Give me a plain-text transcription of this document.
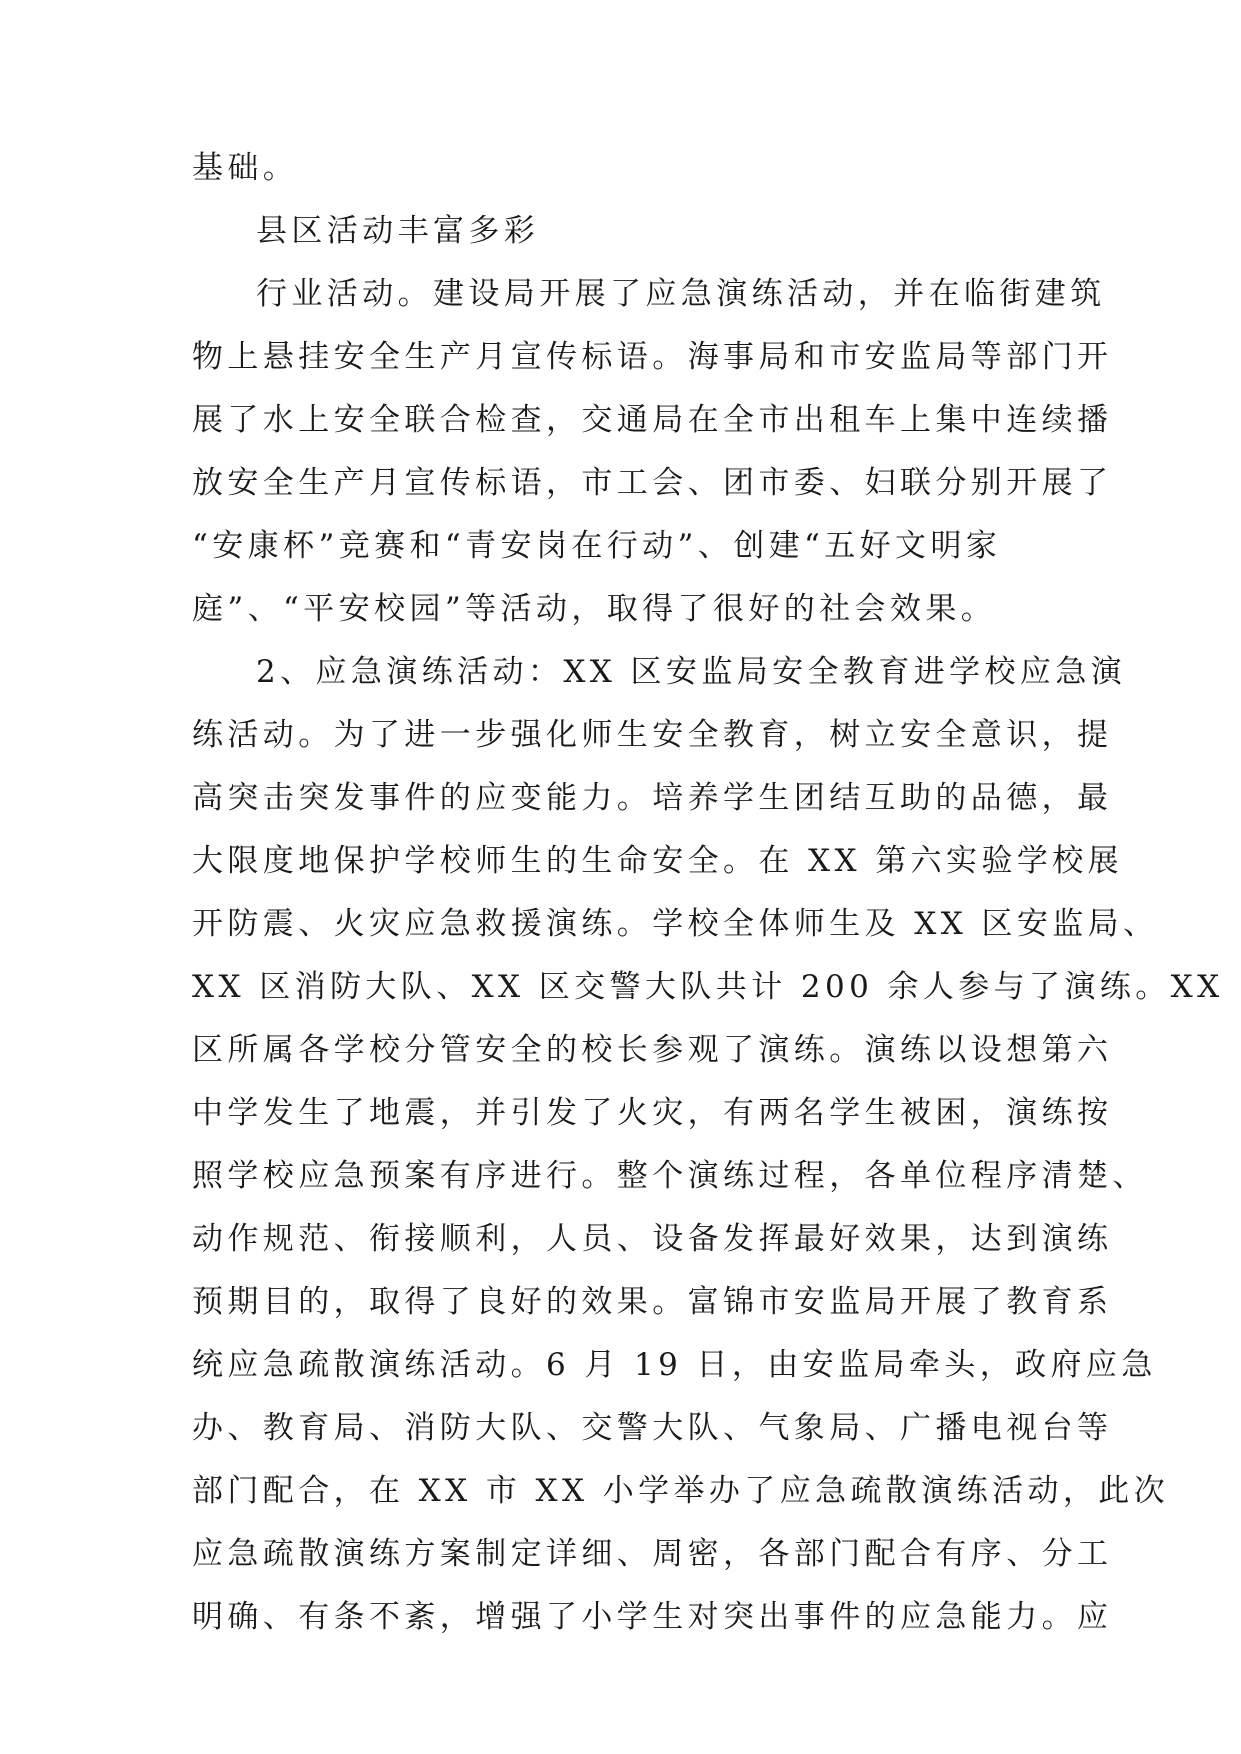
基础。
县区活动丰富多彩
行业活动。建设局开展了应急演练活动，并在临街建筑
物上悬挂安全生产月宣传标语。海事局和市安监局等部门开
展了水上安全联合检查，交通局在全市出租车上集中连续播
放安全生产月宣传标语，市工会、团市委、妇联分别开展了
“安康杯”竞赛和“青安岗在行动”、创建“五好文明家
庭”、“平安校园”等活动，取得了很好的社会效果。
2、应急演练活动：XX 区安监局安全教育进学校应急演
练活动。为了进一步强化师生安全教育，树立安全意识，提
高突击突发事件的应变能力。培养学生团结互助的品德，最
大限度地保护学校师生的生命安全。在 XX 第六实验学校展
开防震、火灾应急救援演练。学校全体师生及 XX 区安监局、
XX 区消防大队、XX 区交警大队共计 200 余人参与了演练。XX
区所属各学校分管安全的校长参观了演练。演练以设想第六
中学发生了地震，并引发了火灾，有两名学生被困，演练按
照学校应急预案有序进行。整个演练过程，各单位程序清楚、
动作规范、衔接顺利，人员、设备发挥最好效果，达到演练
预期目的，取得了良好的效果。富锦市安监局开展了教育系
统应急疏散演练活动。6 月 19 日，由安监局牵头，政府应急
办、教育局、消防大队、交警大队、气象局、广播电视台等
部门配合，在 XX 市 XX 小学举办了应急疏散演练活动，此次
应急疏散演练方案制定详细、周密，各部门配合有序、分工
明确、有条不紊，增强了小学生对突出事件的应急能力。应
